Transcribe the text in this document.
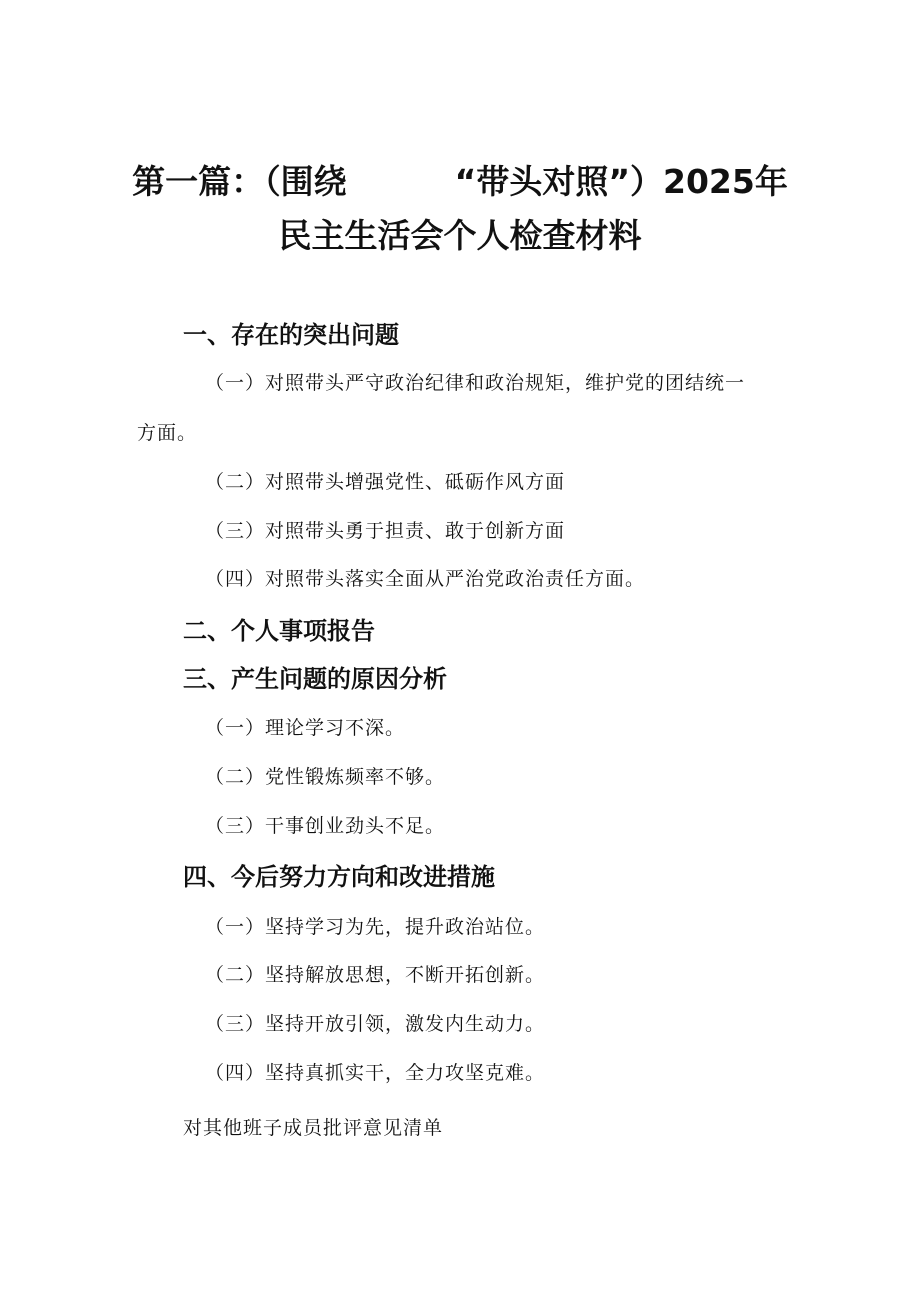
第一篇：（围绕	“带头对照”）2025年
民主生活会个人检查材料
一、存在的突出问题
（一）对照带头严守政治纪律和政治规矩，维护党的团结统一
方面。
（二）对照带头增强党性、砥砺作风方面
（三）对照带头勇于担责、敢于创新方面
（四）对照带头落实全面从严治党政治责任方面。
二、个人事项报告
三、产生问题的原因分析
（一）理论学习不深。
（二）党性锻炼频率不够。
（三）干事创业劲头不足。
四、今后努力方向和改进措施
（一）坚持学习为先，提升政治站位。
（二）坚持解放思想，不断开拓创新。
（三）坚持开放引领，激发内生动力。
（四）坚持真抓实干，全力攻坚克难。
对其他班子成员批评意见清单
